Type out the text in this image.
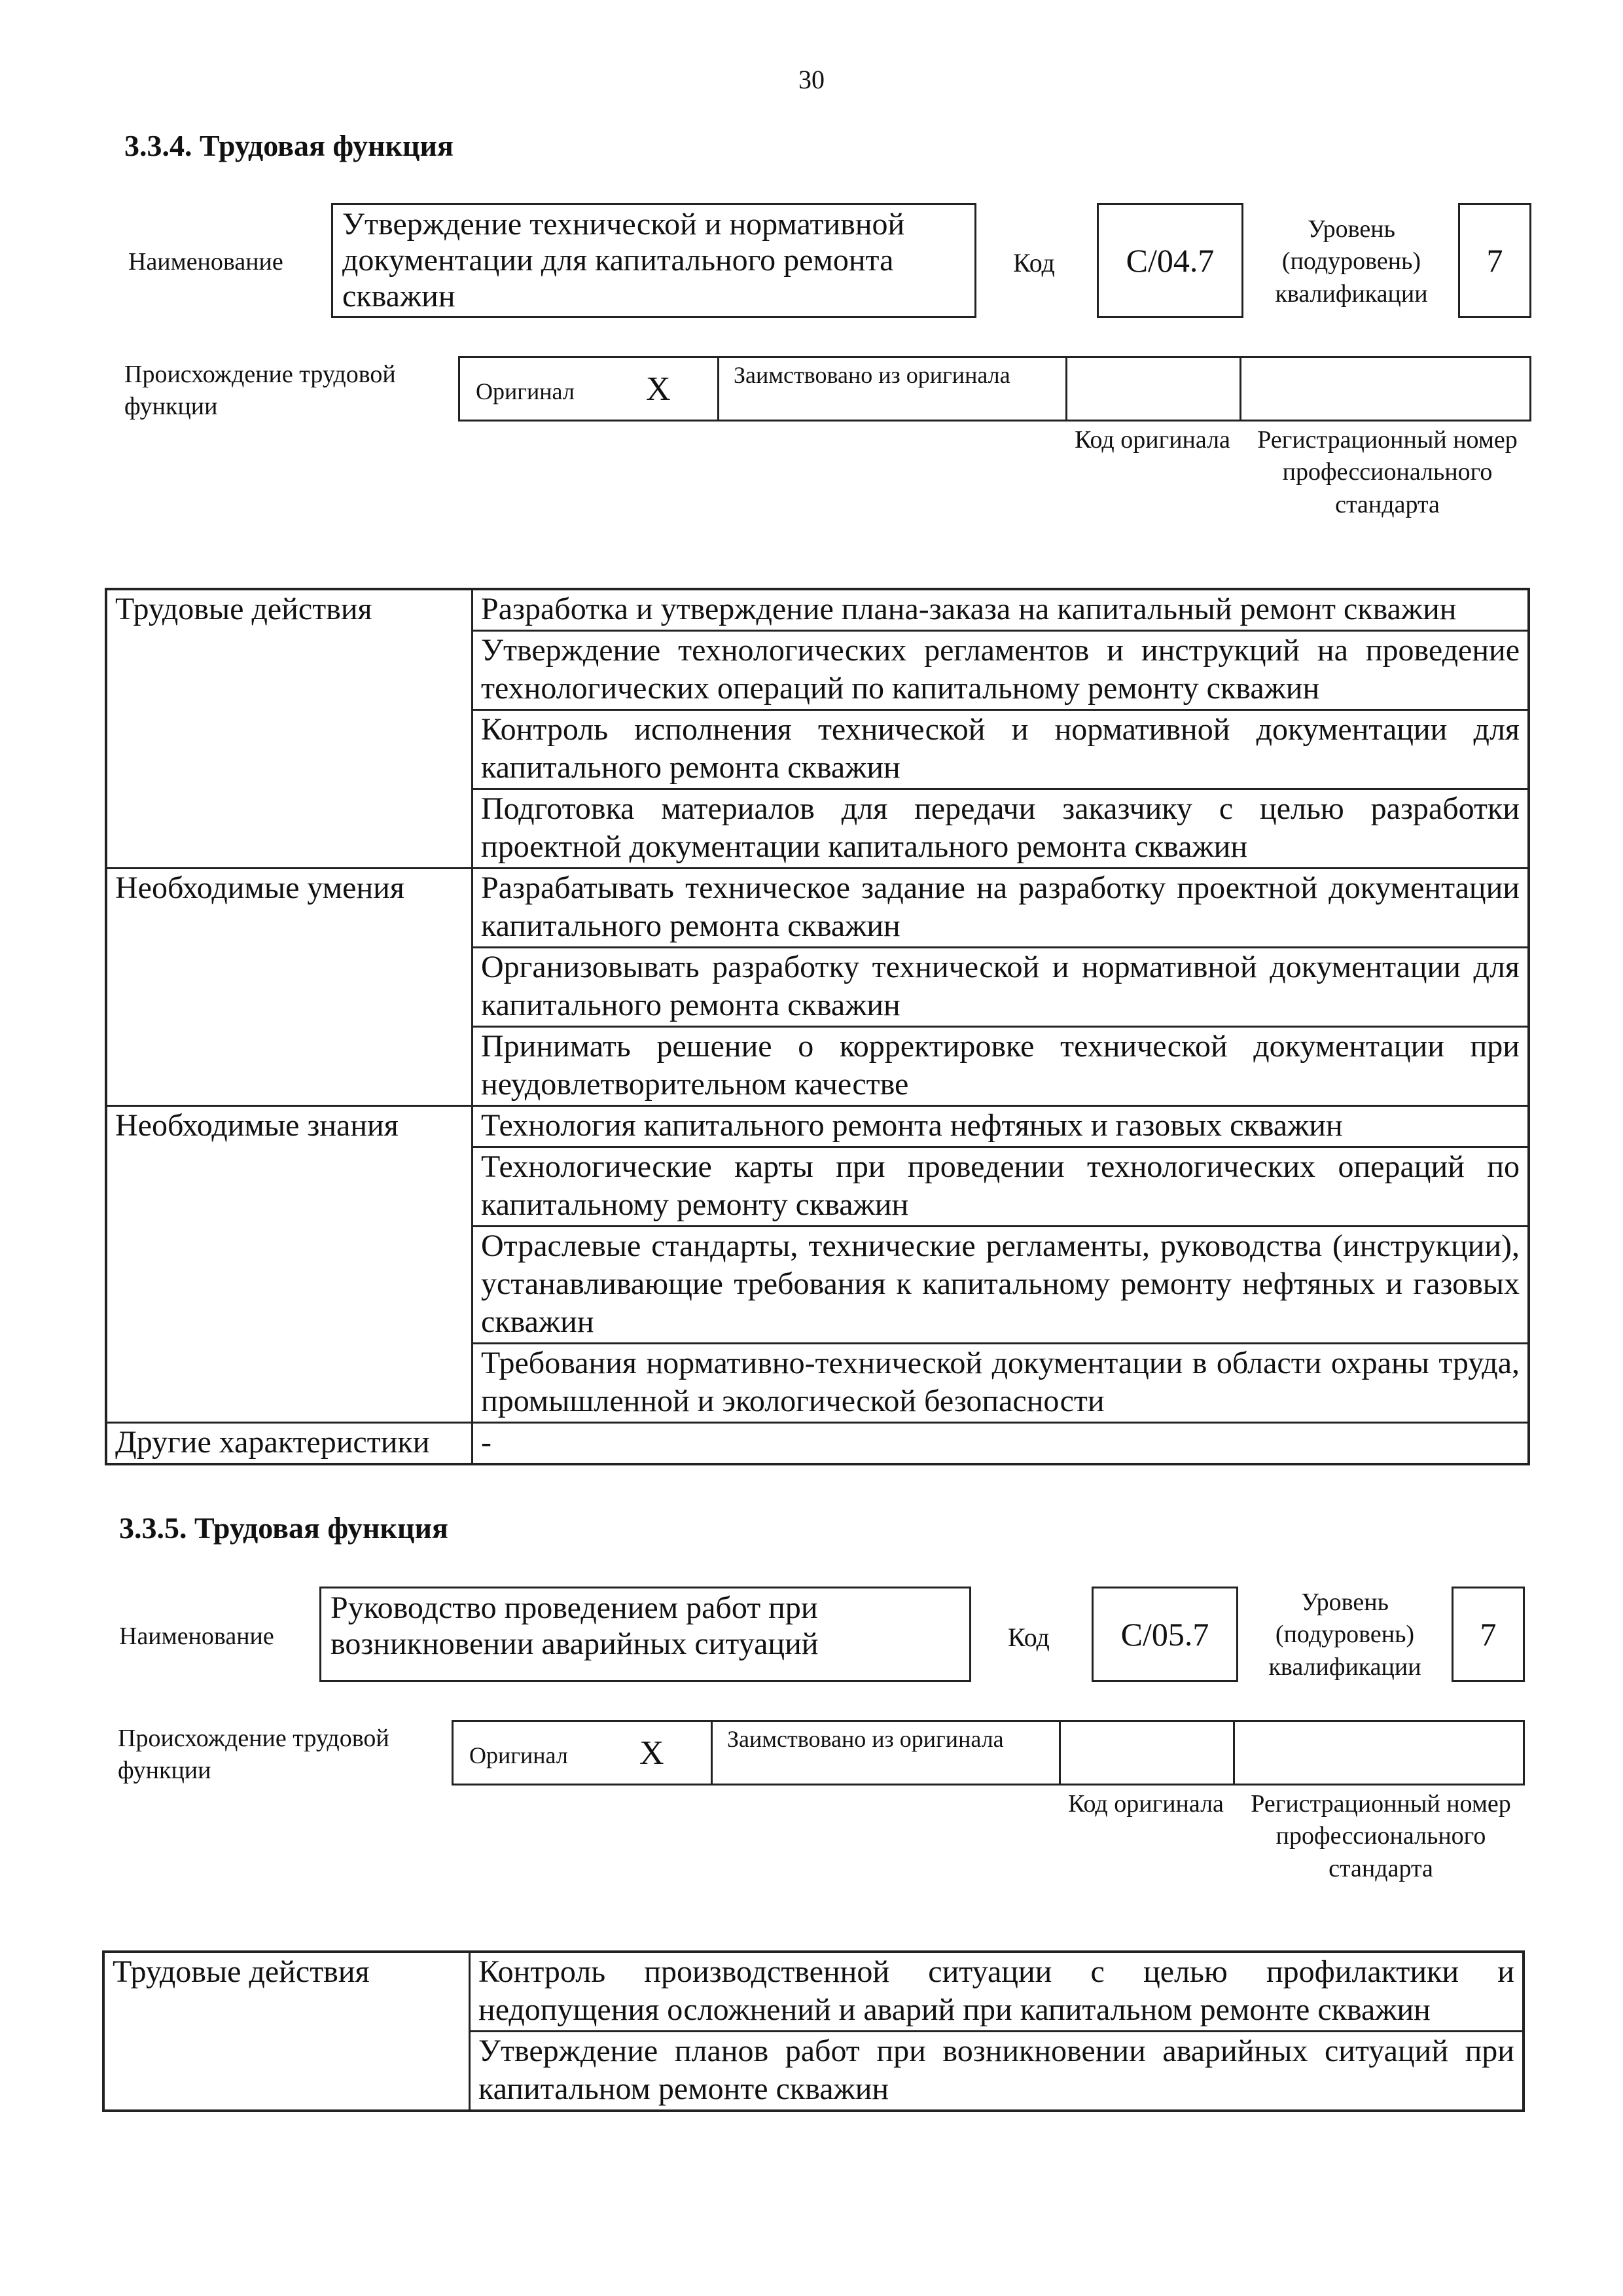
30
3.3.4. Трудовая функция
Наименование
Утверждение технической и нормативной документации для капитального ремонта скважин
Код С/04.7
Уровень (подуровень) квалификации
7
Происхождение трудовой функции
Оригинал X	Заимствовано из оригинала
Код оригинала	Регистрационный номер профессионального стандарта
Трудовые действия	Разработка и утверждение плана-заказа на капитальный ремонт скважин
	Утверждение технологических регламентов и инструкций на проведение технологических операций по капитальному ремонту скважин
	Контроль исполнения технической и нормативной документации для капитального ремонта скважин
	Подготовка материалов для передачи заказчику с целью разработки проектной документации капитального ремонта скважин
Необходимые умения	Разрабатывать техническое задание на разработку проектной документации капитального ремонта скважин
	Организовывать разработку технической и нормативной документации для капитального ремонта скважин
	Принимать решение о корректировке технической документации при неудовлетворительном качестве
Необходимые знания	Технология капитального ремонта нефтяных и газовых скважин
	Технологические карты при проведении технологических операций по капитальному ремонту скважин
	Отраслевые стандарты, технические регламенты, руководства (инструкции), устанавливающие требования к капитальному ремонту нефтяных и газовых скважин
	Требования нормативно-технической документации в области охраны труда, промышленной и экологической безопасности
Другие характеристики	-
3.3.5. Трудовая функция
Наименование
Руководство проведением работ при возникновении аварийных ситуаций	Код С/05.7
Уровень (подуровень) квалификации
7
Происхождение трудовой функции
Оригинал X	Заимствовано из оригинала
Код оригинала	Регистрационный номер профессионального стандарта
Трудовые действия	Контроль производственной ситуации с целью профилактики и недопущения осложнений и аварий при капитальном ремонте скважин
Утверждение планов работ при возникновении аварийных ситуаций при капитальном ремонте скважин
